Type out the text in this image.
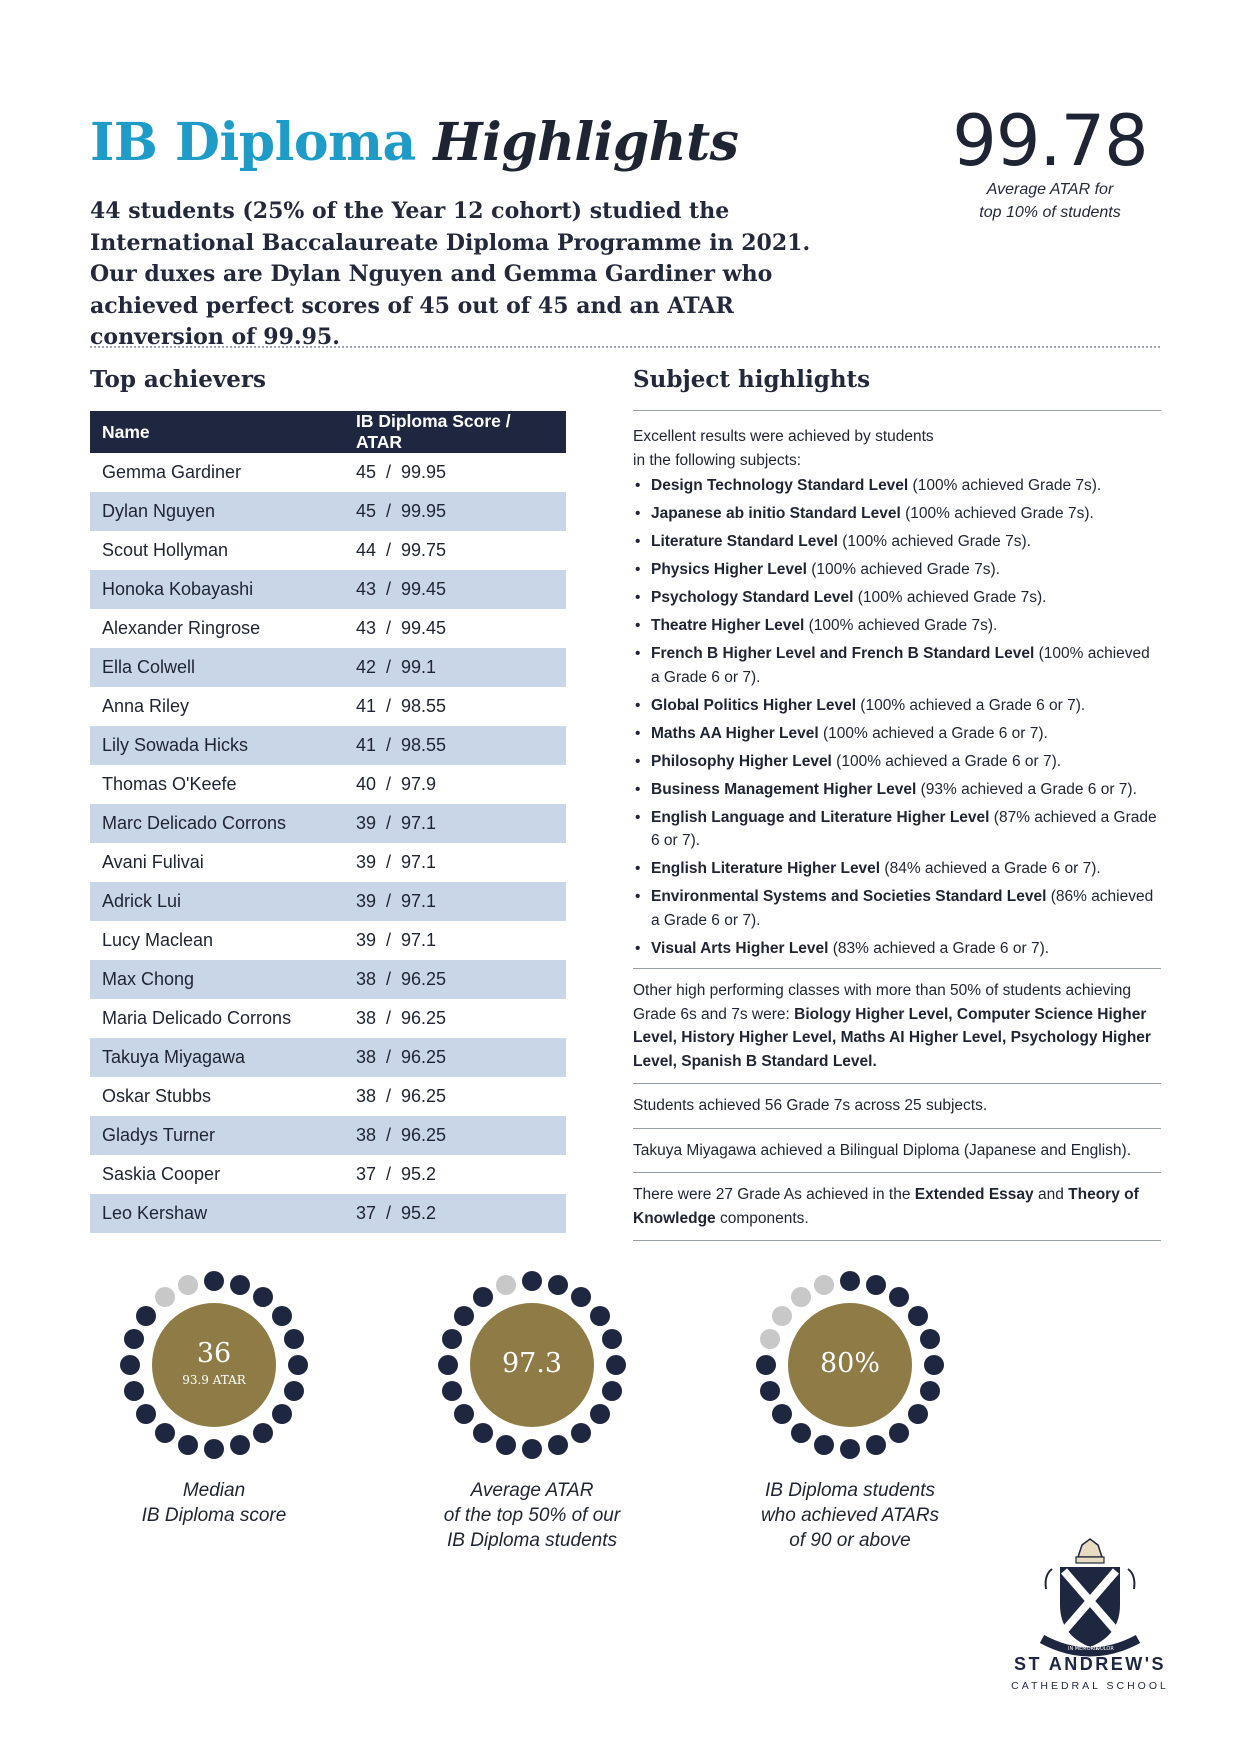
IB Diploma Highlights
44 students (25% of the Year 12 cohort) studied the International Baccalaureate Diploma Programme in 2021. Our duxes are Dylan Nguyen and Gemma Gardiner who achieved perfect scores of 45 out of 45 and an ATAR conversion of 99.95.
99.78
Average ATAR for
top 10% of students
Top achievers	Subject highlights
Name	IB Diploma Score / ATAR
Gemma Gardiner	45  /  99.95
Dylan Nguyen	45  /  99.95
Scout Hollyman	44  /  99.75
Honoka Kobayashi	43  /  99.45
Alexander Ringrose	43  /  99.45
Ella Colwell	42  /  99.1
Anna Riley	41  /  98.55
Lily Sowada Hicks	41  /  98.55
Thomas O'Keefe	40  /  97.9
Marc Delicado Corrons	39  /  97.1
Avani Fulivai	39  /  97.1
Adrick Lui	39  /  97.1
Lucy Maclean	39  /  97.1
Max Chong	38  /  96.25
Maria Delicado Corrons	38  /  96.25
Takuya Miyagawa	38  /  96.25
Oskar Stubbs	38  /  96.25
Gladys Turner	38  /  96.25
Saskia Cooper	37  /  95.2
Leo Kershaw	37  /  95.2
Excellent results were achieved by students
in the following subjects:
• Design Technology Standard Level (100% achieved Grade 7s).
• Japanese ab initio Standard Level (100% achieved Grade 7s).
• Literature Standard Level (100% achieved Grade 7s).
• Physics Higher Level (100% achieved Grade 7s).
• Psychology Standard Level (100% achieved Grade 7s).
• Theatre Higher Level (100% achieved Grade 7s).
• French B Higher Level and French B Standard Level (100% achieved a Grade 6 or 7).
• Global Politics Higher Level (100% achieved a Grade 6 or 7).
• Maths AA Higher Level (100% achieved a Grade 6 or 7).
• Philosophy Higher Level (100% achieved a Grade 6 or 7).
• Business Management Higher Level (93% achieved a Grade 6 or 7).
• English Language and Literature Higher Level (87% achieved a Grade 6 or 7).
• English Literature Higher Level (84% achieved a Grade 6 or 7).
• Environmental Systems and Societies Standard Level (86% achieved a Grade 6 or 7).
• Visual Arts Higher Level (83% achieved a Grade 6 or 7).
Other high performing classes with more than 50% of students achieving Grade 6s and 7s were: Biology Higher Level, Computer Science Higher Level, History Higher Level, Maths AI Higher Level, Psychology Higher Level, Spanish B Standard Level.
Students achieved 56 Grade 7s across 25 subjects.
Takuya Miyagawa achieved a Bilingual Diploma (Japanese and English).
There were 27 Grade As achieved in the Extended Essay and Theory of Knowledge components.
36
93.9 ATAR
97.3	80%
Median
IB Diploma score
Average ATAR
of the top 50% of our
IB Diploma students
IB Diploma students
who achieved ATARs
of 90 or above
IN MEMORIA
DOLOR
ST ANDREW'S
CATHEDRAL SCHOOL
